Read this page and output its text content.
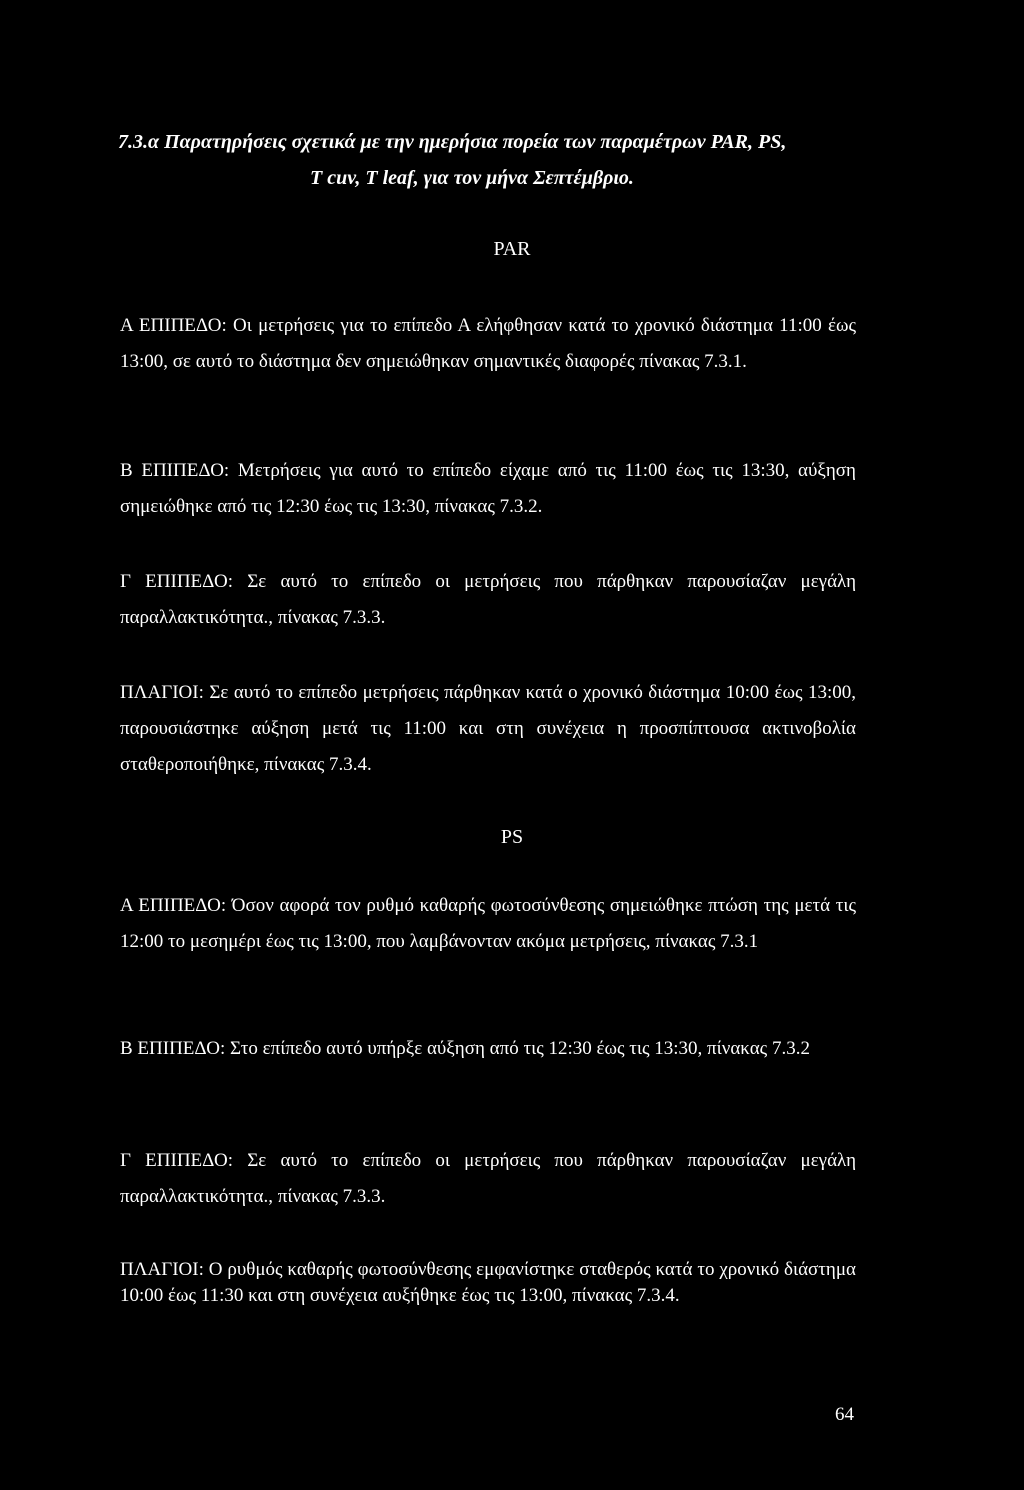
7.3.α Παρατηρήσεις σχετικά με την ημερήσια πορεία των παραμέτρων PAR, PS,
T cuv, T leaf, για τον μήνα Σεπτέμβριο.
PAR

Α ΕΠΙΠΕΔΟ: Οι μετρήσεις για το επίπεδο Α ελήφθησαν κατά το χρονικό διάστημα 11:00 έως 13:00, σε αυτό το διάστημα δεν σημειώθηκαν σημαντικές διαφορές πίνακας 7.3.1.

Β ΕΠΙΠΕΔΟ: Μετρήσεις για αυτό το επίπεδο είχαμε από τις 11:00 έως τις 13:30, αύξηση σημειώθηκε από τις 12:30 έως τις 13:30, πίνακας 7.3.2.

Γ ΕΠΙΠΕΔΟ: Σε αυτό το επίπεδο οι μετρήσεις που πάρθηκαν παρουσίαζαν μεγάλη παραλλακτικότητα., πίνακας 7.3.3.

ΠΛΑΓΙΟΙ: Σε αυτό το επίπεδο μετρήσεις πάρθηκαν κατά ο χρονικό διάστημα 10:00 έως 13:00, παρουσιάστηκε αύξηση μετά τις 11:00 και στη συνέχεια η προσπίπτουσα ακτινοβολία σταθεροποιήθηκε, πίνακας 7.3.4.

PS

Α ΕΠΙΠΕΔΟ: Όσον αφορά τον ρυθμό καθαρής φωτοσύνθεσης σημειώθηκε πτώση της μετά τις 12:00 το μεσημέρι έως τις 13:00, που λαμβάνονταν ακόμα μετρήσεις, πίνακας 7.3.1

Β ΕΠΙΠΕΔΟ: Στο επίπεδο αυτό υπήρξε αύξηση από τις 12:30 έως τις 13:30, πίνακας 7.3.2

Γ ΕΠΙΠΕΔΟ: Σε αυτό το επίπεδο οι μετρήσεις που πάρθηκαν παρουσίαζαν μεγάλη παραλλακτικότητα., πίνακας 7.3.3.

ΠΛΑΓΙΟΙ: Ο ρυθμός καθαρής φωτοσύνθεσης εμφανίστηκε σταθερός κατά το χρονικό διάστημα 10:00 έως 11:30 και στη συνέχεια αυξήθηκε έως τις 13:00, πίνακας 7.3.4.

64
